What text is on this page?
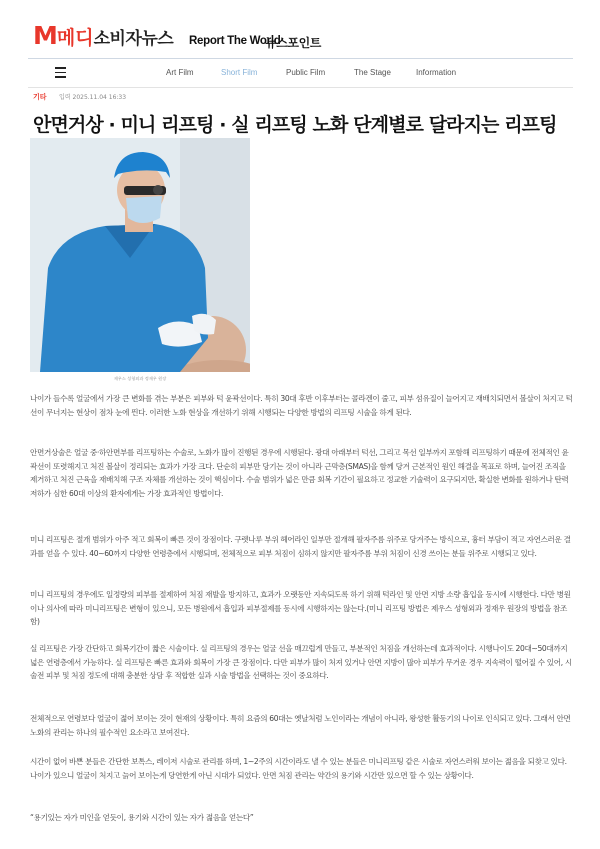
M 메디 소비자뉴스 Report The World
뉴스포인트
Art Film	Short Film	Public Film	The Stage	Information
기타 입력 2025.11.04 16:33
안면거상 · 미니 리프팅 · 실 리프팅 노화 단계별로 달라지는 리프팅
제우스 성형외과 정재우 원장

나이가 들수록 얼굴에서 가장 큰 변화를 겪는 부분은 피부와 턱 윤곽선이다. 특히 30대 후반 이후부터는 콜라겐이 줄고, 피부 섬유질이 늘어지고 재배치되면서 볼살이 처지고 턱선이 무너지는 현상이 점차 눈에 띈다. 이러한 노화 현상을 개선하기 위해 시행되는 다양한 방법의 리프팅 시술을 하게 된다.

안면거상술은 얼굴 중·하안면부를 리프팅하는 수술로, 노화가 많이 진행된 경우에 시행된다. 광대 아래부터 턱선, 그리고 목선 일부까지 포함해 리프팅하기 때문에 전체적인 윤곽선이 또렷해지고 처진 볼살이 정리되는 효과가 가장 크다. 단순히 피부만 당기는 것이 아니라 근막층(SMAS)을 함께 당겨 근본적인 원인 해결을 목표로 하며, 늘어진 조직을 제거하고 처진 근육을 재배치해 구조 자체를 개선하는 것이 핵심이다. 수술 범위가 넓은 만큼 회복 기간이 필요하고 정교한 기술력이 요구되지만, 확실한 변화를 원하거나 탄력 저하가 심한 60대 이상의 환자에게는 가장 효과적인 방법이다.

미니 리프팅은 절개 범위가 아주 적고 회복이 빠른 것이 장점이다. 구렛나루 부위 헤어라인 일부만 절개해 팔자주름 위주로 당겨주는 방식으로, 흉터 부담이 적고 자연스러운 결과를 얻을 수 있다. 40~60까지 다양한 연령층에서 시행되며, 전체적으로 피부 처짐이 심하지 않지만 팔자주름 부위 처짐이 신경 쓰이는 분들 위주로 시행되고 있다.

미니 리프팅의 경우에도 일정량의 피부를 절제하여 처짐 재발을 방지하고, 효과가 오랫동안 지속되도록 하기 위해 턱라인 및 안면 지방 소량 흡입을 동시에 시행한다. 다만 병원이나 의사에 따라 미니리프팅은 변형이 있으니, 모든 병원에서 흡입과 피부절제를 동시에 시행하지는 않는다.(미니 리프팅 방법은 제우스 성형외과 정재우 원장의 방법을 참조함)

실 리프팅은 가장 간단하고 회복기간이 짧은 시술이다. 실 리프팅의 경우는 얼굴 선을 매끄럽게 만들고, 부분적인 처짐을 개선하는데 효과적이다. 시행나이도 20대~50대까지 넓은 연령층에서 가능하다. 실 리프팅은 빠른 효과와 회복이 가장 큰 장점이다. 다만 피부가 많이 처져 있거나 안면 지방이 많아 피부가 무거운 경우 지속력이 떨어질 수 있어, 시술전 피부 및 처짐 정도에 대해 충분한 상담 후 적합한 실과 시술 방법을 선택하는 것이 중요하다.

전체적으로 연령보다 얼굴이 젊어 보이는 것이 현재의 상황이다. 특히 요즘의 60대는 옛날처럼 노인이라는 개념이 아니라, 왕성한 활동기의 나이로 인식되고 있다. 그래서 안면 노화의 관리는 하나의 필수적인 요소라고 보여진다.

시간이 없어 바쁜 분들은 간단한 보톡스, 레이저 시술로 관리를 하며, 1~2주의 시간이라도 낼 수 있는 분들은 미니리프팅 같은 시술로 자연스러워 보이는 젊음을 되찾고 있다. 나이가 있으니 얼굴이 처지고 늙어 보이는게 당연한게 아닌 시대가 되었다. 안면 처짐 관리는 약간의 용기와 시간만 있으면 할 수 있는 상황이다.

“용기있는 자가 미인을 얻듯이, 용기와 시간이 있는 자가 젊음을 얻는다”
